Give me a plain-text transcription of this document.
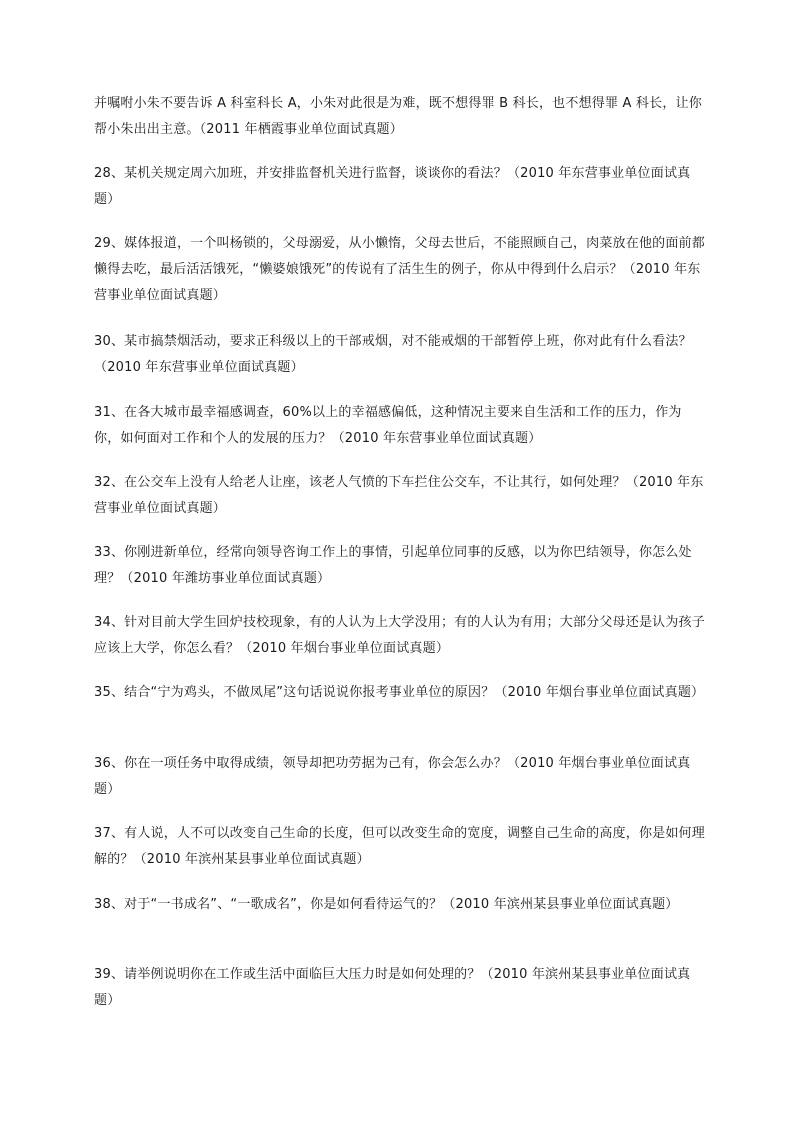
并嘱咐小朱不要告诉 A 科室科长 A，小朱对此很是为难，既不想得罪 B 科长，也不想得罪 A 科长，让你帮小朱出出主意。（2011 年栖霞事业单位面试真题）

28、某机关规定周六加班，并安排监督机关进行监督，谈谈你的看法？（2010 年东营事业单位面试真题）

29、媒体报道，一个叫杨锁的，父母溺爱，从小懒惰，父母去世后，不能照顾自己，肉菜放在他的面前都懒得去吃，最后活活饿死，“懒婆娘饿死”的传说有了活生生的例子，你从中得到什么启示？（2010 年东营事业单位面试真题）

30、某市搞禁烟活动，要求正科级以上的干部戒烟，对不能戒烟的干部暂停上班，你对此有什么看法？（2010 年东营事业单位面试真题）

31、在各大城市最幸福感调查，60%以上的幸福感偏低，这种情况主要来自生活和工作的压力，作为你，如何面对工作和个人的发展的压力？（2010 年东营事业单位面试真题）

32、在公交车上没有人给老人让座，该老人气愤的下车拦住公交车，不让其行，如何处理？（2010 年东营事业单位面试真题）

33、你刚进新单位，经常向领导咨询工作上的事情，引起单位同事的反感，以为你巴结领导，你怎么处理？（2010 年潍坊事业单位面试真题）

34、针对目前大学生回炉技校现象，有的人认为上大学没用；有的人认为有用；大部分父母还是认为孩子应该上大学，你怎么看？（2010 年烟台事业单位面试真题）

35、结合“宁为鸡头，不做凤尾”这句话说说你报考事业单位的原因？（2010 年烟台事业单位面试真题）

36、你在一项任务中取得成绩，领导却把功劳据为己有，你会怎么办？（2010 年烟台事业单位面试真题）

37、有人说，人不可以改变自己生命的长度，但可以改变生命的宽度，调整自己生命的高度，你是如何理解的？（2010 年滨州某县事业单位面试真题）

38、对于“一书成名”、“一歌成名”，你是如何看待运气的？（2010 年滨州某县事业单位面试真题）

39、请举例说明你在工作或生活中面临巨大压力时是如何处理的？（2010 年滨州某县事业单位面试真题）
